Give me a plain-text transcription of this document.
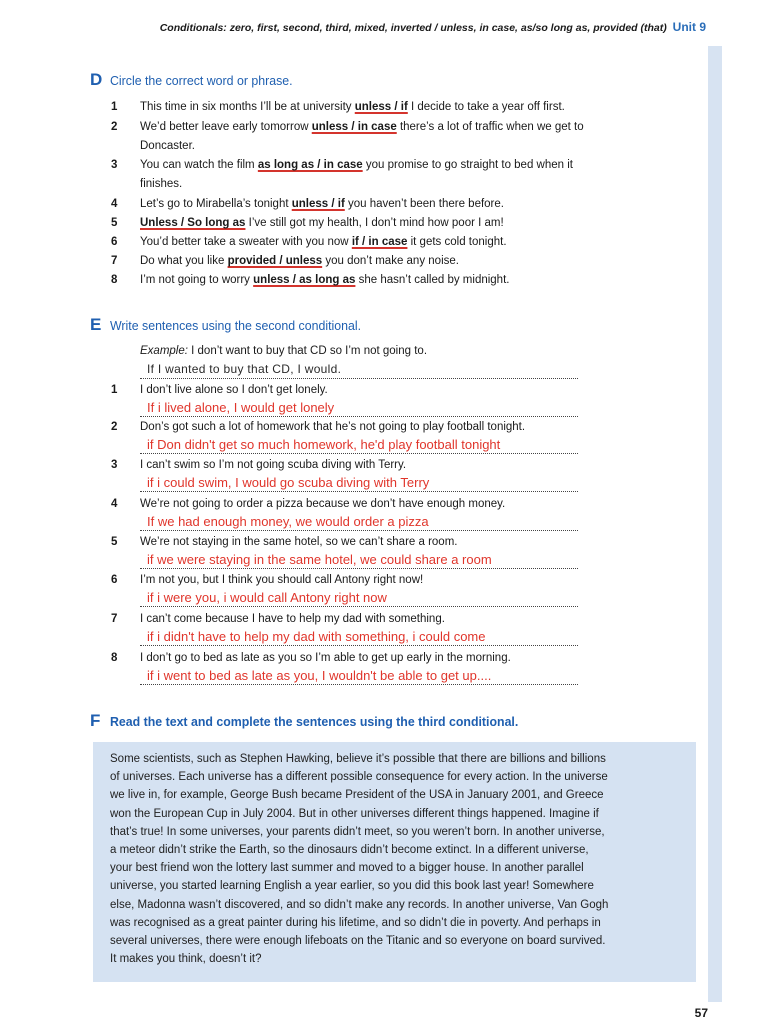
Conditionals: zero, first, second, third, mixed, inverted / unless, in case, as/so long as, provided (that) Unit 9
D Circle the correct word or phrase.
1 This time in six months I’ll be at university unless / if I decide to take a year off first.
2 We’d better leave early tomorrow unless / in case there’s a lot of traffic when we get to
Doncaster.
3 You can watch the film as long as / in case you promise to go straight to bed when it
finishes.
4 Let’s go to Mirabella’s tonight unless / if you haven’t been there before.
5 Unless / So long as I’ve still got my health, I don’t mind how poor I am!
6 You’d better take a sweater with you now if / in case it gets cold tonight.
7 Do what you like provided / unless you don’t make any noise.
8 I’m not going to worry unless / as long as she hasn’t called by midnight.
E Write sentences using the second conditional.
Example: I don’t want to buy that CD so I’m not going to.
If I wanted to buy that CD, I would.
1 I don’t live alone so I don’t get lonely.
If i lived alone, I would get lonely
2 Don’s got such a lot of homework that he’s not going to play football tonight.
if Don didn't get so much homework, he'd play football tonight
3 I can’t swim so I’m not going scuba diving with Terry.
if i could swim, I would go scuba diving with Terry
4 We’re not going to order a pizza because we don’t have enough money.
If we had enough money, we would order a pizza
5 We’re not staying in the same hotel, so we can’t share a room.
if we were staying in the same hotel, we could share a room
6 I’m not you, but I think you should call Antony right now!
if i were you, i would call Antony right now
7 I can’t come because I have to help my dad with something.
if i didn't have to help my dad with something, i could come
8 I don’t go to bed as late as you so I’m able to get up early in the morning.
if i went to bed as late as you, I wouldn't be able to get up....
F Read the text and complete the sentences using the third conditional.
Some scientists, such as Stephen Hawking, believe it’s possible that there are billions and billions
of universes. Each universe has a different possible consequence for every action. In the universe
we live in, for example, George Bush became President of the USA in January 2001, and Greece
won the European Cup in July 2004. But in other universes different things happened. Imagine if
that’s true! In some universes, your parents didn’t meet, so you weren’t born. In another universe,
a meteor didn’t strike the Earth, so the dinosaurs didn’t become extinct. In a different universe,
your best friend won the lottery last summer and moved to a bigger house. In another parallel
universe, you started learning English a year earlier, so you did this book last year! Somewhere
else, Madonna wasn’t discovered, and so didn’t make any records. In another universe, Van Gogh
was recognised as a great painter during his lifetime, and so didn’t die in poverty. And perhaps in
several universes, there were enough lifeboats on the Titanic and so everyone on board survived.
It makes you think, doesn’t it?
57
